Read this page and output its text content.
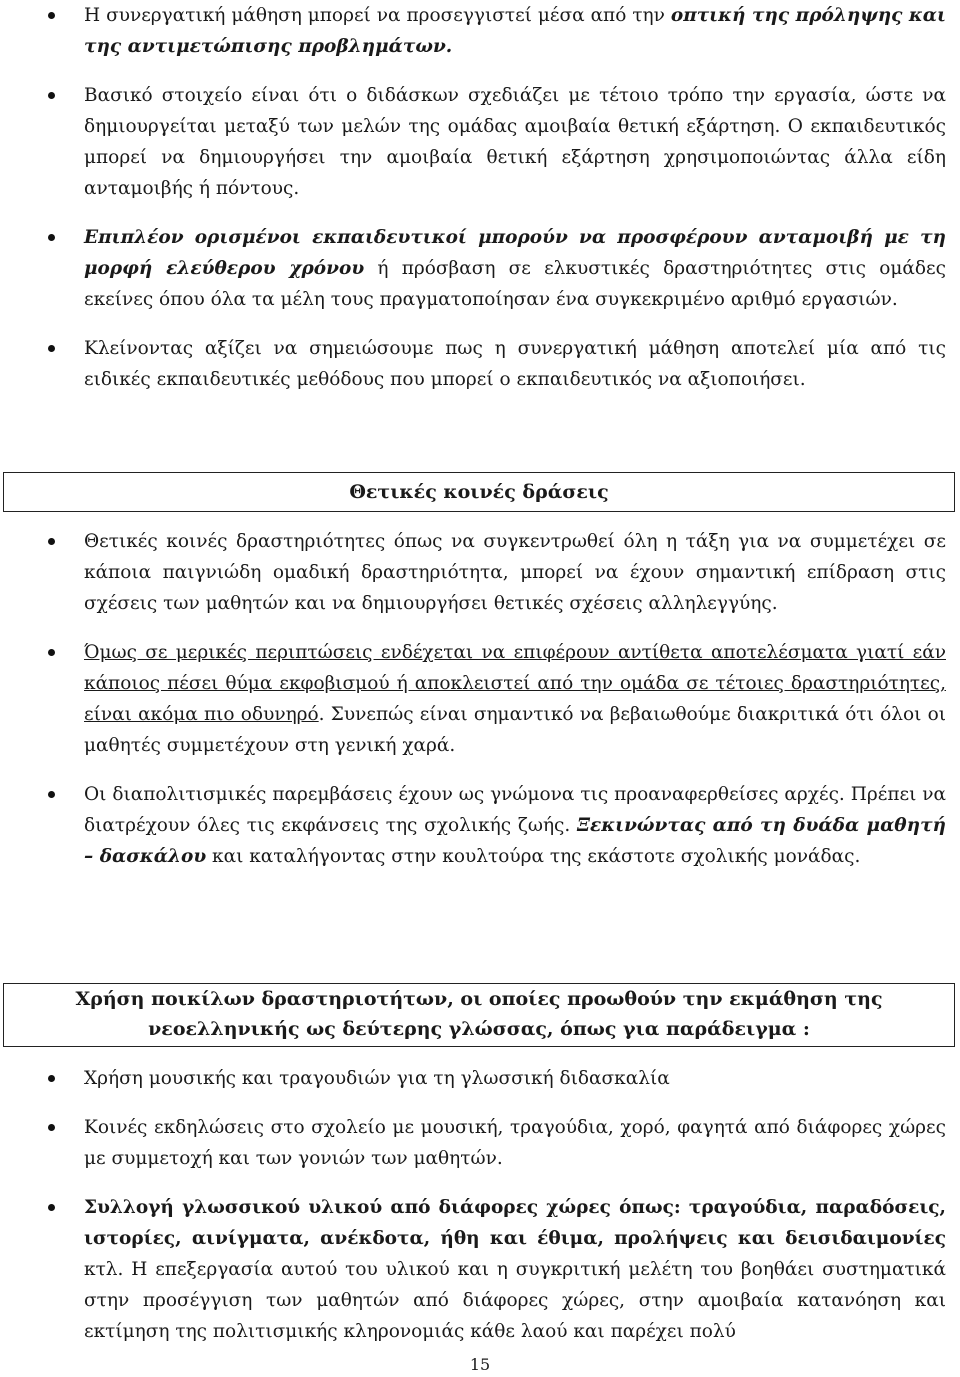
Η συνεργατική μάθηση μπορεί να προσεγγιστεί μέσα από την οπτική της πρόληψης και της αντιμετώπισης προβλημάτων.
Βασικό στοιχείο είναι ότι ο διδάσκων σχεδιάζει με τέτοιο τρόπο την εργασία, ώστε να δημιουργείται μεταξύ των μελών της ομάδας αμοιβαία θετική εξάρτηση. Ο εκπαιδευτικός μπορεί να δημιουργήσει την αμοιβαία θετική εξάρτηση χρησιμοποιώντας άλλα είδη ανταμοιβής ή πόντους.
Επιπλέον ορισμένοι εκπαιδευτικοί μπορούν να προσφέρουν ανταμοιβή με τη μορφή ελεύθερου χρόνου ή πρόσβαση σε ελκυστικές δραστηριότητες στις ομάδες εκείνες όπου όλα τα μέλη τους πραγματοποίησαν ένα συγκεκριμένο αριθμό εργασιών.
Κλείνοντας αξίζει να σημειώσουμε πως η συνεργατική μάθηση αποτελεί μία από τις ειδικές εκπαιδευτικές μεθόδους που μπορεί ο εκπαιδευτικός να αξιοποιήσει.
Θετικές κοινές δράσεις
Θετικές κοινές δραστηριότητες όπως να συγκεντρωθεί όλη η τάξη για να συμμετέχει σε κάποια παιγνιώδη ομαδική δραστηριότητα, μπορεί να έχουν σημαντική επίδραση στις σχέσεις των μαθητών και να δημιουργήσει θετικές σχέσεις αλληλεγγύης.
Όμως σε μερικές περιπτώσεις ενδέχεται να επιφέρουν αντίθετα αποτελέσματα γιατί εάν κάποιος πέσει θύμα εκφοβισμού ή αποκλειστεί από την ομάδα σε τέτοιες δραστηριότητες, είναι ακόμα πιο οδυνηρό. Συνεπώς είναι σημαντικό να βεβαιωθούμε διακριτικά ότι όλοι οι μαθητές συμμετέχουν στη γενική χαρά.
Οι διαπολιτισμικές παρεμβάσεις έχουν ως γνώμονα τις προαναφερθείσες αρχές. Πρέπει να διατρέχουν όλες τις εκφάνσεις της σχολικής ζωής. Ξεκινώντας από τη δυάδα μαθητή – δασκάλου και καταλήγοντας στην κουλτούρα της εκάστοτε σχολικής μονάδας.
Χρήση ποικίλων δραστηριοτήτων, οι οποίες προωθούν την εκμάθηση της
νεοελληνικής ως δεύτερης γλώσσας, όπως για παράδειγμα :
Χρήση μουσικής και τραγουδιών για τη γλωσσική διδασκαλία
Κοινές εκδηλώσεις στο σχολείο με μουσική, τραγούδια, χορό, φαγητά από διάφορες χώρες με συμμετοχή και των γονιών των μαθητών.
Συλλογή γλωσσικού υλικού από διάφορες χώρες όπως: τραγούδια, παραδόσεις, ιστορίες, αινίγματα, ανέκδοτα, ήθη και έθιμα, προλήψεις και δεισιδαιμονίες κτλ. Η επεξεργασία αυτού του υλικού και η συγκριτική μελέτη του βοηθάει συστηματικά στην προσέγγιση των μαθητών από διάφορες χώρες, στην αμοιβαία κατανόηση και εκτίμηση της πολιτισμικής κληρονομιάς κάθε λαού και παρέχει πολύ
15
